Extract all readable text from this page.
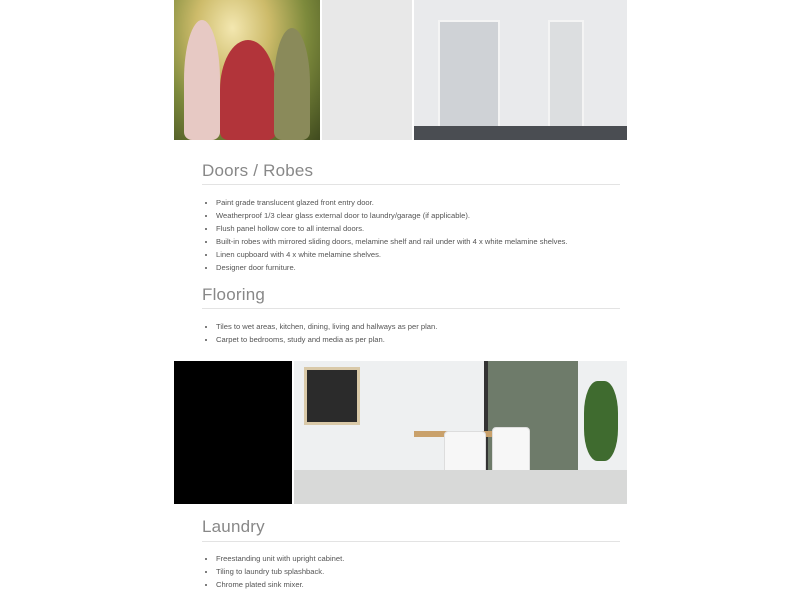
Doors / Robes
• Paint grade translucent glazed front entry door.
• Weatherproof 1/3 clear glass external door to laundry/garage (if applicable).
• Flush panel hollow core to all internal doors.
• Built-in robes with mirrored sliding doors, melamine shelf and rail under with 4 x white melamine shelves.
• Linen cupboard with 4 x white melamine shelves.
• Designer door furniture.
Flooring
• Tiles to wet areas, kitchen, dining, living and hallways as per plan.
• Carpet to bedrooms, study and media as per plan.
Laundry
• Freestanding unit with upright cabinet.
• Tiling to laundry tub splashback.
• Chrome plated sink mixer.
